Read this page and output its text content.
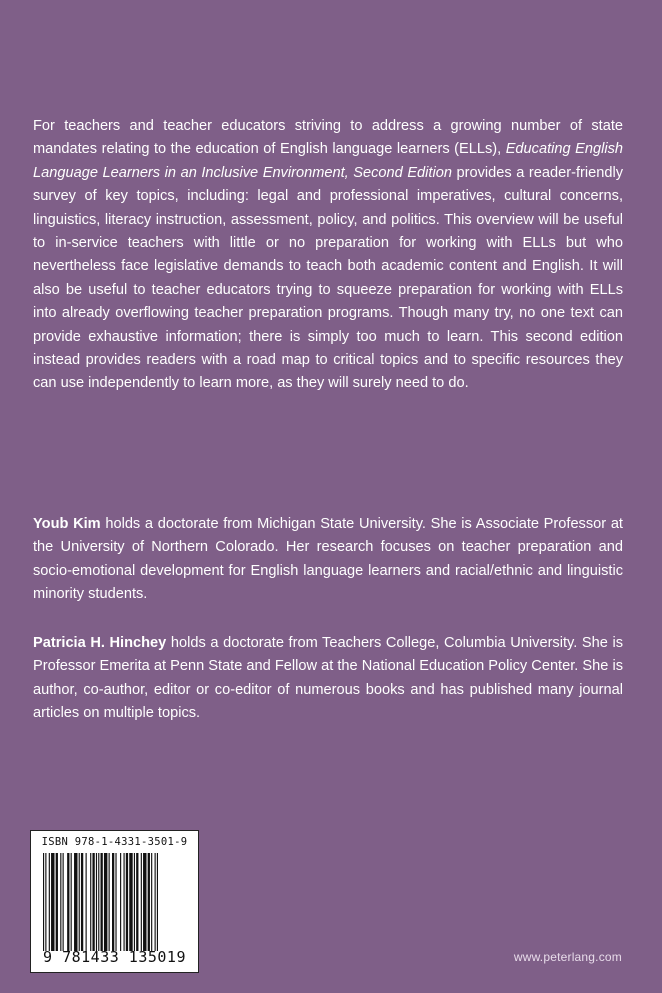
For teachers and teacher educators striving to address a growing number of state mandates relating to the education of English language learners (ELLs), Educating English Language Learners in an Inclusive Environment, Second Edition provides a reader-friendly survey of key topics, including: legal and professional imperatives, cultural concerns, linguistics, literacy instruction, assessment, policy, and politics. This overview will be useful to in-service teachers with little or no preparation for working with ELLs but who nevertheless face legislative demands to teach both academic content and English. It will also be useful to teacher educators trying to squeeze preparation for working with ELLs into already overflowing teacher preparation programs. Though many try, no one text can provide exhaustive information; there is simply too much to learn. This second edition instead provides readers with a road map to critical topics and to specific resources they can use independently to learn more, as they will surely need to do.

Youb Kim holds a doctorate from Michigan State University. She is Associate Professor at the University of Northern Colorado. Her research focuses on teacher preparation and socio-emotional development for English language learners and racial/ethnic and linguistic minority students.

Patricia H. Hinchey holds a doctorate from Teachers College, Columbia University. She is Professor Emerita at Penn State and Fellow at the National Education Policy Center. She is author, co-author, editor or co-editor of numerous books and has published many journal articles on multiple topics.

ISBN 978-1-4331-3501-9
9 781433 135019	www.peterlang.com
